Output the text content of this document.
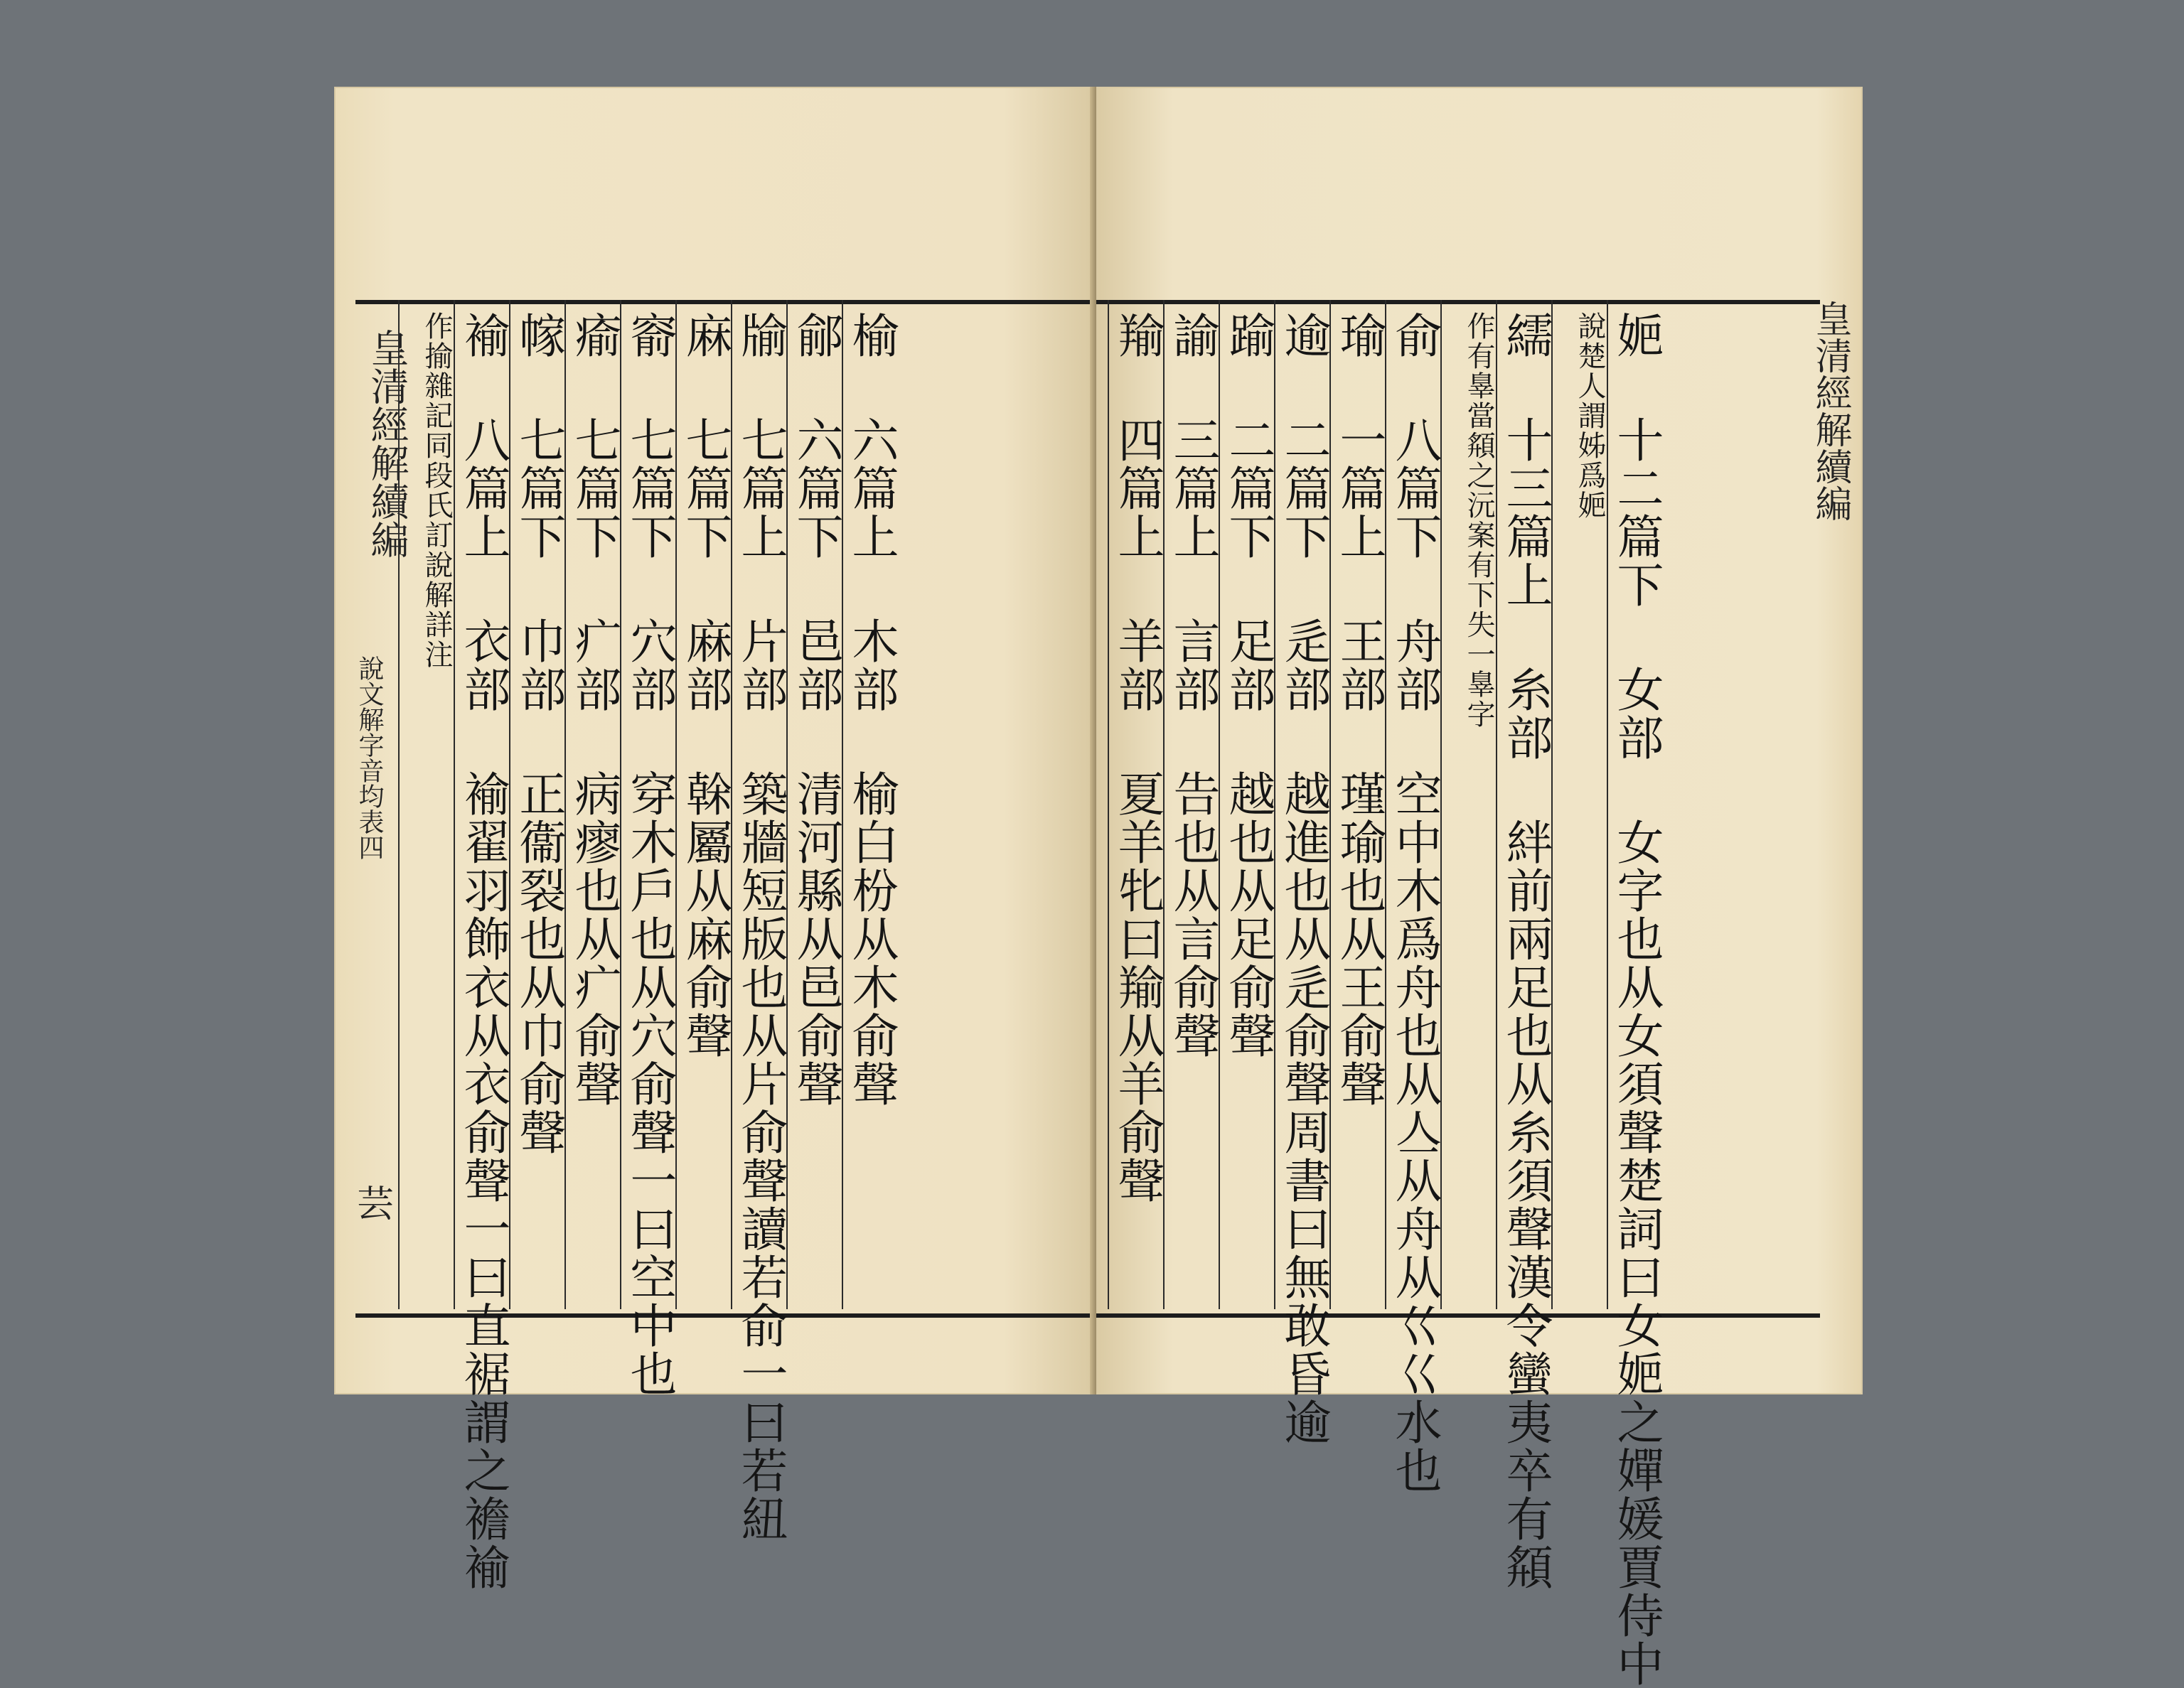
皇清經解續編
說文解字音均表四
芸
作揄雜記同段氏訂說解詳注 褕 八篇上 衣部 褕翟羽飾衣从衣俞聲一曰直裾謂之襜褕 幏 七篇下 巾部 正衞裂也从巾俞聲 瘉 七篇下 疒部 病瘳也从疒俞聲 窬 七篇下 穴部 穿木戶也从穴俞聲一曰空中也 麻 七篇下 麻部 榦屬从麻俞聲 牏 七篇上 片部 築牆短版也从片俞聲讀若俞一曰若紐 鄃 六篇下 邑部 清河縣从邑俞聲 榆 六篇上 木部 榆白枌从木俞聲	皇清經解續編
羭 四篇上 羊部 夏羊牝曰羭从羊俞聲 諭 三篇上 言部 告也从言俞聲 踰 二篇下 足部 越也从足俞聲 逾 二篇下 辵部 越進也从辵俞聲周書曰無敢昏逾 瑜 一篇上 王部 瑾瑜也从王俞聲 俞 八篇下 舟部 空中木爲舟也从亼从舟从巜巜水也 作有辠當頯之沅案有下失一辠字 繻 十三篇上 糸部 絆前兩足也从糸須聲漢令蠻夷卒有頯 說楚人謂姊爲㛂 㛂 十二篇下 女部 女字也从女須聲楚詞曰女㛂之嬋媛賈侍中
